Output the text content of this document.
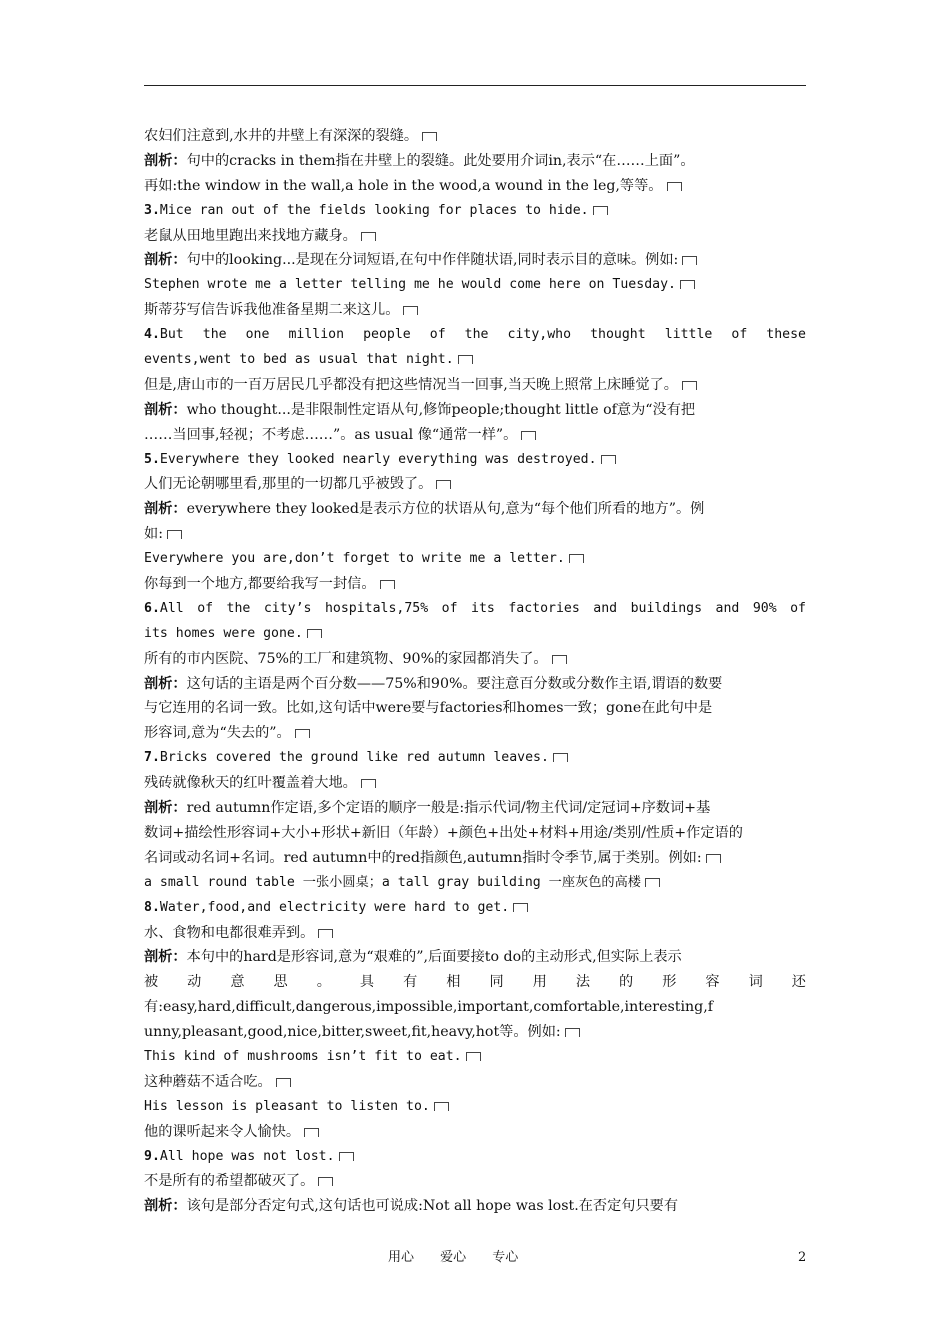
农妇们注意到,水井的井壁上有深深的裂缝。
剖析：句中的cracks in them指在井壁上的裂缝。此处要用介词in,表示“在……上面”。
再如:the window in the wall,a hole in the wood,a wound in the leg,等等。
3.Mice ran out of the fields looking for places to hide.
老鼠从田地里跑出来找地方藏身。
剖析：句中的looking...是现在分词短语,在句中作伴随状语,同时表示目的意味。例如:
Stephen wrote me a letter telling me he would come here on Tuesday.
斯蒂芬写信告诉我他准备星期二来这儿。
4.But the one million people of the city,who thought little of these
events,went to bed as usual that night.
但是,唐山市的一百万居民几乎都没有把这些情况当一回事,当天晚上照常上床睡觉了。
剖析：who thought...是非限制性定语从句,修饰people;thought little of意为“没有把
……当回事,轻视；不考虑……”。as usual 像“通常一样”。
5.Everywhere they looked nearly everything was destroyed.
人们无论朝哪里看,那里的一切都几乎被毁了。
剖析：everywhere they looked是表示方位的状语从句,意为“每个他们所看的地方”。例
如:
Everywhere you are,don’t forget to write me a letter.
你每到一个地方,都要给我写一封信。
6.All of the city’s hospitals,75% of its factories and buildings and 90% of
its homes were gone.
所有的市内医院、75%的工厂和建筑物、90%的家园都消失了。
剖析：这句话的主语是两个百分数——75%和90%。要注意百分数或分数作主语,谓语的数要
与它连用的名词一致。比如,这句话中were要与factories和homes一致；gone在此句中是
形容词,意为“失去的”。
7.Bricks covered the ground like red autumn leaves.
残砖就像秋天的红叶覆盖着大地。
剖析：red autumn作定语,多个定语的顺序一般是:指示代词/物主代词/定冠词+序数词+基
数词+描绘性形容词+大小+形状+新旧（年龄）+颜色+出处+材料+用途/类别/性质+作定语的
名词或动名词+名词。red autumn中的red指颜色,autumn指时令季节,属于类别。例如:
a small round table 一张小圆桌；a tall gray building 一座灰色的高楼
8.Water,food,and electricity were hard to get.
水、食物和电都很难弄到。
剖析：本句中的hard是形容词,意为“艰难的”,后面要接to do的主动形式,但实际上表示
被 动 意 思 。 具 有 相 同 用 法 的 形 容 词 还
有:easy,hard,difficult,dangerous,impossible,important,comfortable,interesting,f
unny,pleasant,good,nice,bitter,sweet,fit,heavy,hot等。例如:
This kind of mushrooms isn’t fit to eat.
这种蘑菇不适合吃。
His lesson is pleasant to listen to.
他的课听起来令人愉快。
9.All hope was not lost.
不是所有的希望都破灭了。
剖析：该句是部分否定句式,这句话也可说成:Not all hope was lost.在否定句只要有
用心 爱心 专心	2
